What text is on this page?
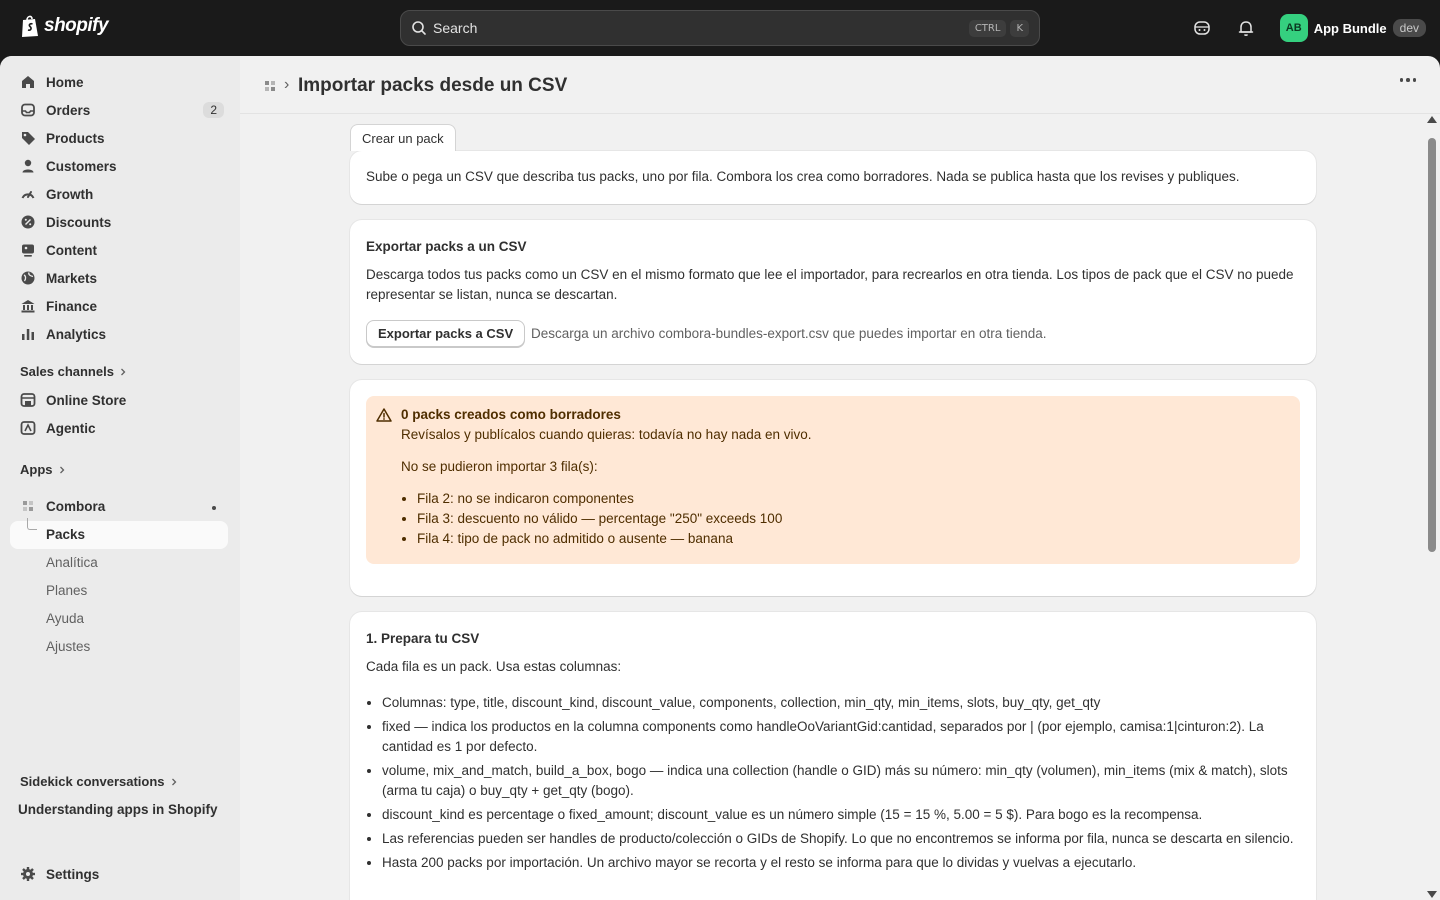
shopify	Search	CTRL	K	AB App Bundle	dev
Home
Orders	2
Products
Customers
Growth
Discounts
Content
Markets
Finance
Analytics
Sales channels
Online Store
Agentic
Apps
Combora
Packs
Analítica
Planes
Ayuda
Ajustes
Sidekick conversations
Understanding apps in Shopify
Settings
› Importar packs desde un CSV
Crear un pack

Sube o pega un CSV que describa tus packs, uno por fila. Combora los crea como borradores. Nada se publica hasta que los revises y publiques.

Exportar packs a un CSV

Descarga todos tus packs como un CSV en el mismo formato que lee el importador, para recrearlos en otra tienda. Los tipos de pack que el CSV no puede representar se listan, nunca se descartan.

Exportar packs a CSV	Descarga un archivo combora-bundles-export.csv que puedes importar en otra tienda.
0 packs creados como borradores
Revísalos y publícalos cuando quieras: todavía no hay nada en vivo.
No se pudieron importar 3 fila(s):
• Fila 2: no se indicaron componentes
• Fila 3: descuento no válido — percentage "250" exceeds 100
• Fila 4: tipo de pack no admitido o ausente — banana
1. Prepara tu CSV

Cada fila es un pack. Usa estas columnas:

• Columnas: type, title, discount_kind, discount_value, components, collection, min_qty, min_items, slots, buy_qty, get_qty
• fixed — indica los productos en la columna components como handleOoVariantGid:cantidad, separados por | (por ejemplo, camisa:1|cinturon:2). La cantidad es 1 por defecto.
• volume, mix_and_match, build_a_box, bogo — indica una collection (handle o GID) más su número: min_qty (volumen), min_items (mix & match), slots (arma tu caja) o buy_qty + get_qty (bogo).
• discount_kind es percentage o fixed_amount; discount_value es un número simple (15 = 15 %, 5.00 = 5 $). Para bogo es la recompensa.
• Las referencias pueden ser handles de producto/colección o GIDs de Shopify. Lo que no encontremos se informa por fila, nunca se descarta en silencio.
• Hasta 200 packs por importación. Un archivo mayor se recorta y el resto se informa para que lo dividas y vuelvas a ejecutarlo.
